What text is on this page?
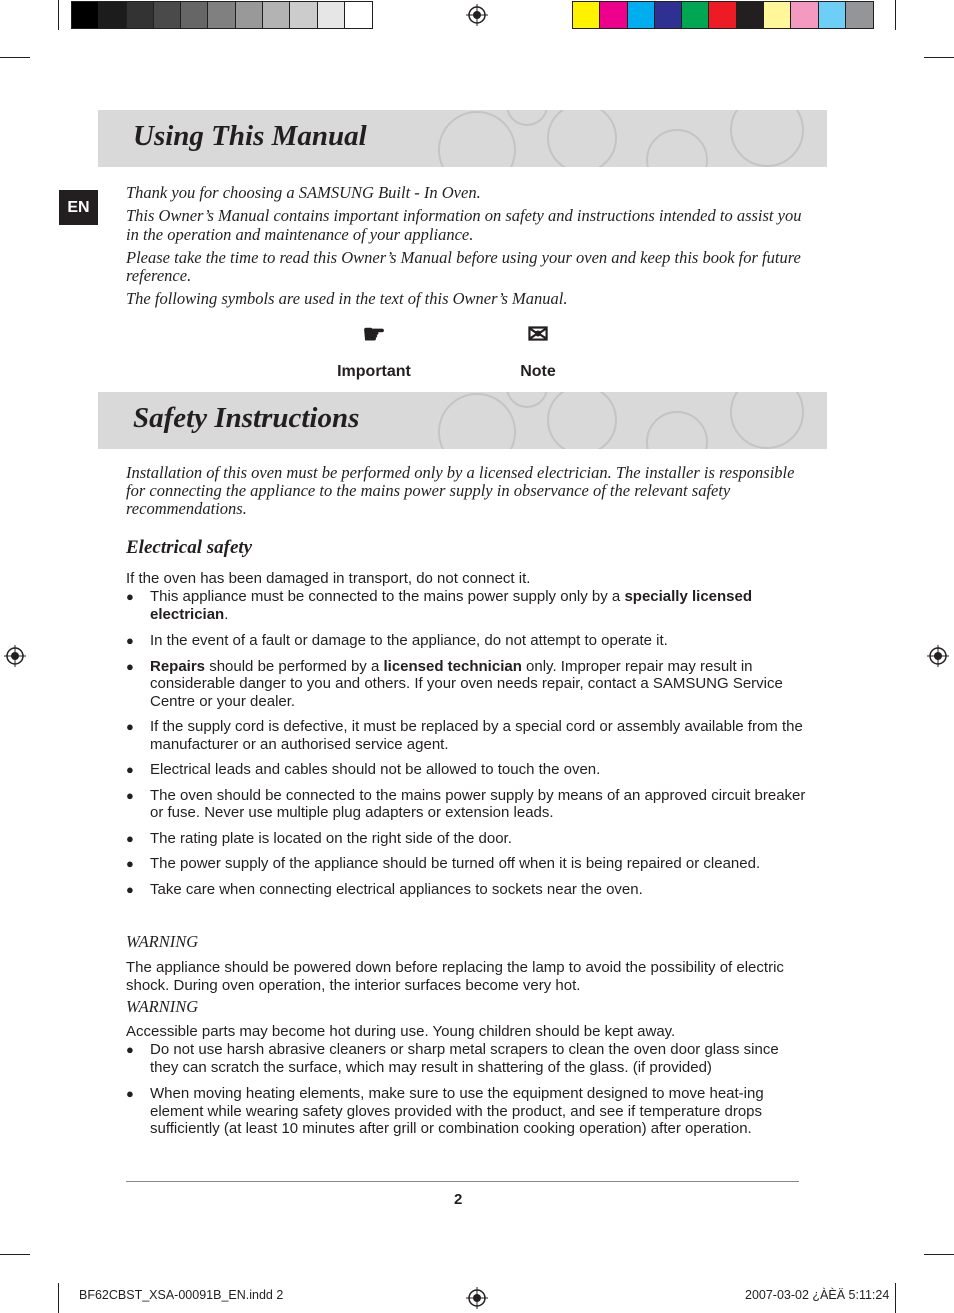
Using This Manual
EN

Thank you for choosing a SAMSUNG Built - In Oven.

This Owner’s Manual contains important information on safety and instructions intended to assist you in the operation and maintenance of your appliance.

Please take the time to read this Owner’s Manual before using your oven and keep this book for future reference.

The following symbols are used in the text of this Owner’s Manual.

☛
Important
✉
Note
Safety Instructions
Installation of this oven must be performed only by a licensed electrician. The installer is responsible for connecting the appliance to the mains power supply in observance of the relevant safety recommendations.
Electrical safety
If the oven has been damaged in transport, do not connect it.
● This appliance must be connected to the mains power supply only by a specially licensed electrician.
● In the event of a fault or damage to the appliance, do not attempt to operate it.
● Repairs should be performed by a licensed technician only. Improper repair may result in considerable danger to you and others. If your oven needs repair, contact a SAMSUNG Service Centre or your dealer.
● If the supply cord is defective, it must be replaced by a special cord or assembly available from the manufacturer or an authorised service agent.
● Electrical leads and cables should not be allowed to touch the oven.
● The oven should be connected to the mains power supply by means of an approved circuit breaker or fuse. Never use multiple plug adapters or extension leads.
● The rating plate is located on the right side of the door.
● The power supply of the appliance should be turned off when it is being repaired or cleaned.
● Take care when connecting electrical appliances to sockets near the oven.
WARNING
The appliance should be powered down before replacing the lamp to avoid the possibility of electric shock. During oven operation, the interior surfaces become very hot.
WARNING
Accessible parts may become hot during use. Young children should be kept away.
● Do not use harsh abrasive cleaners or sharp metal scrapers to clean the oven door glass since they can scratch the surface, which may result in shattering of the glass. (if provided)
● When moving heating elements, make sure to use the equipment designed to move heat-ing element while wearing safety gloves provided with the product, and see if temperature drops sufficiently (at least 10 minutes after grill or combination cooking operation) after operation.
2
BF62CBST_XSA-00091B_EN.indd 2	2007-03-02 ¿ÀÈÄ 5:11:24
